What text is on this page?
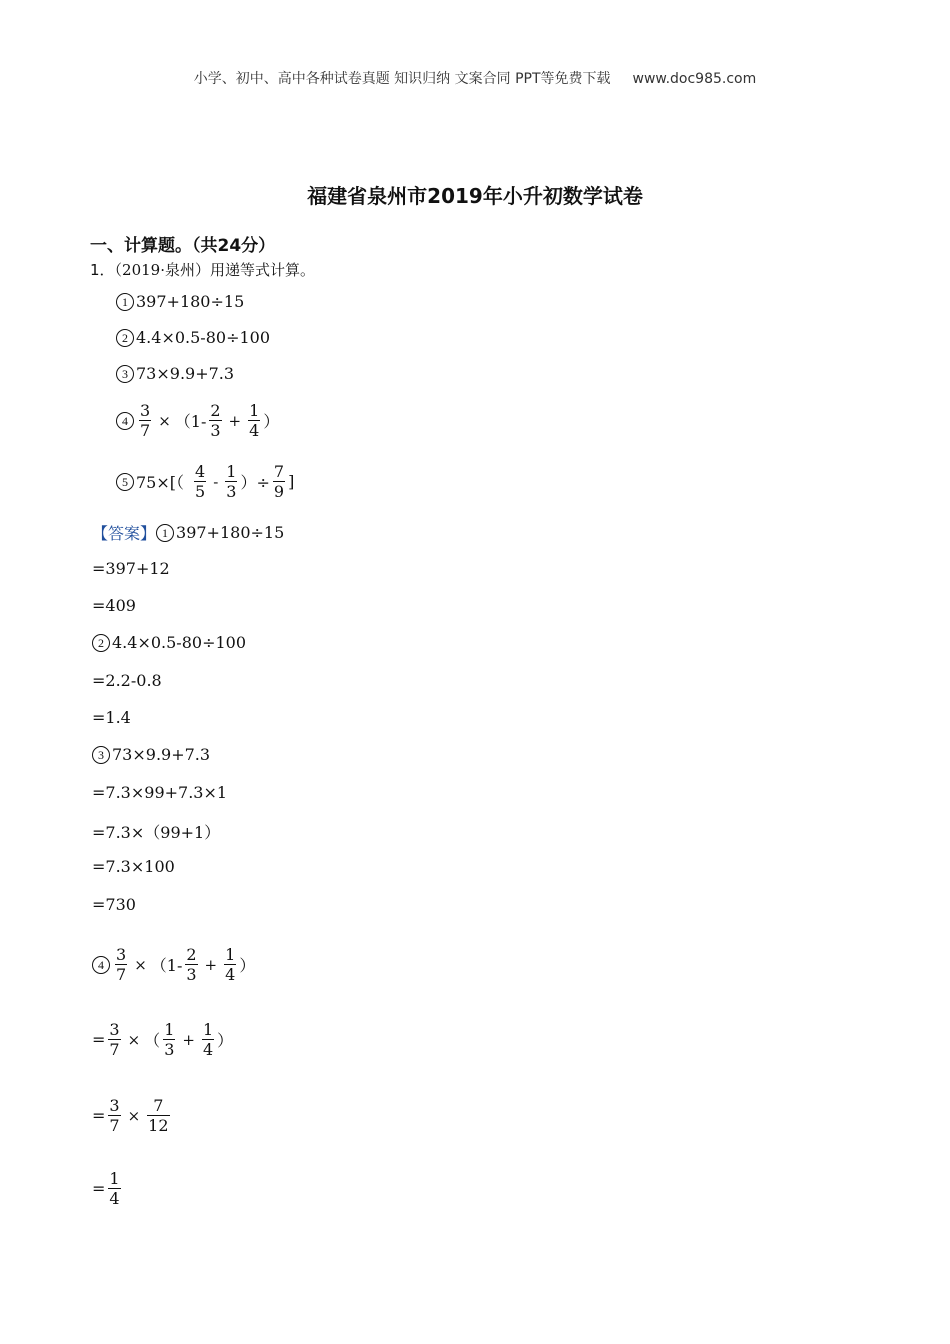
小学、初中、高中各种试卷真题 知识归纳 文案合同 PPT等免费下载 www.doc985.com
福建省泉州市2019年小升初数学试卷
一、计算题。（共24分）
1．（2019·泉州）用递等式计算。
1 397+180÷15
2 4.4×0.5-80÷100
3 73×9.9+7.3
$4 \frac{3}{7} \times (1- \frac{2}{3} + \frac{1}{4}$ ）
5 $75\times[( \frac{4}{5} - \frac{1}{3}$ ）÷ $\frac{7}{9}$ ]
【答案】 1 397+180÷15
=397+12
=409
2 4.4×0.5-80÷100
=2.2-0.8
=1.4
3 73×9.9+7.3
=7.3×99+7.3×1
=7.3×（99+1）
=7.3×100
=730
$4 \frac{3}{7} \times (1- \frac{2}{3} + \frac{1}{4}$ ）
= $\frac{3}{7}$ × （ $\frac{1}{3} + \frac{1}{4}$ ）
= $\frac{3}{7} \times \frac{7}{12}$
= $\frac{1}{4}$
